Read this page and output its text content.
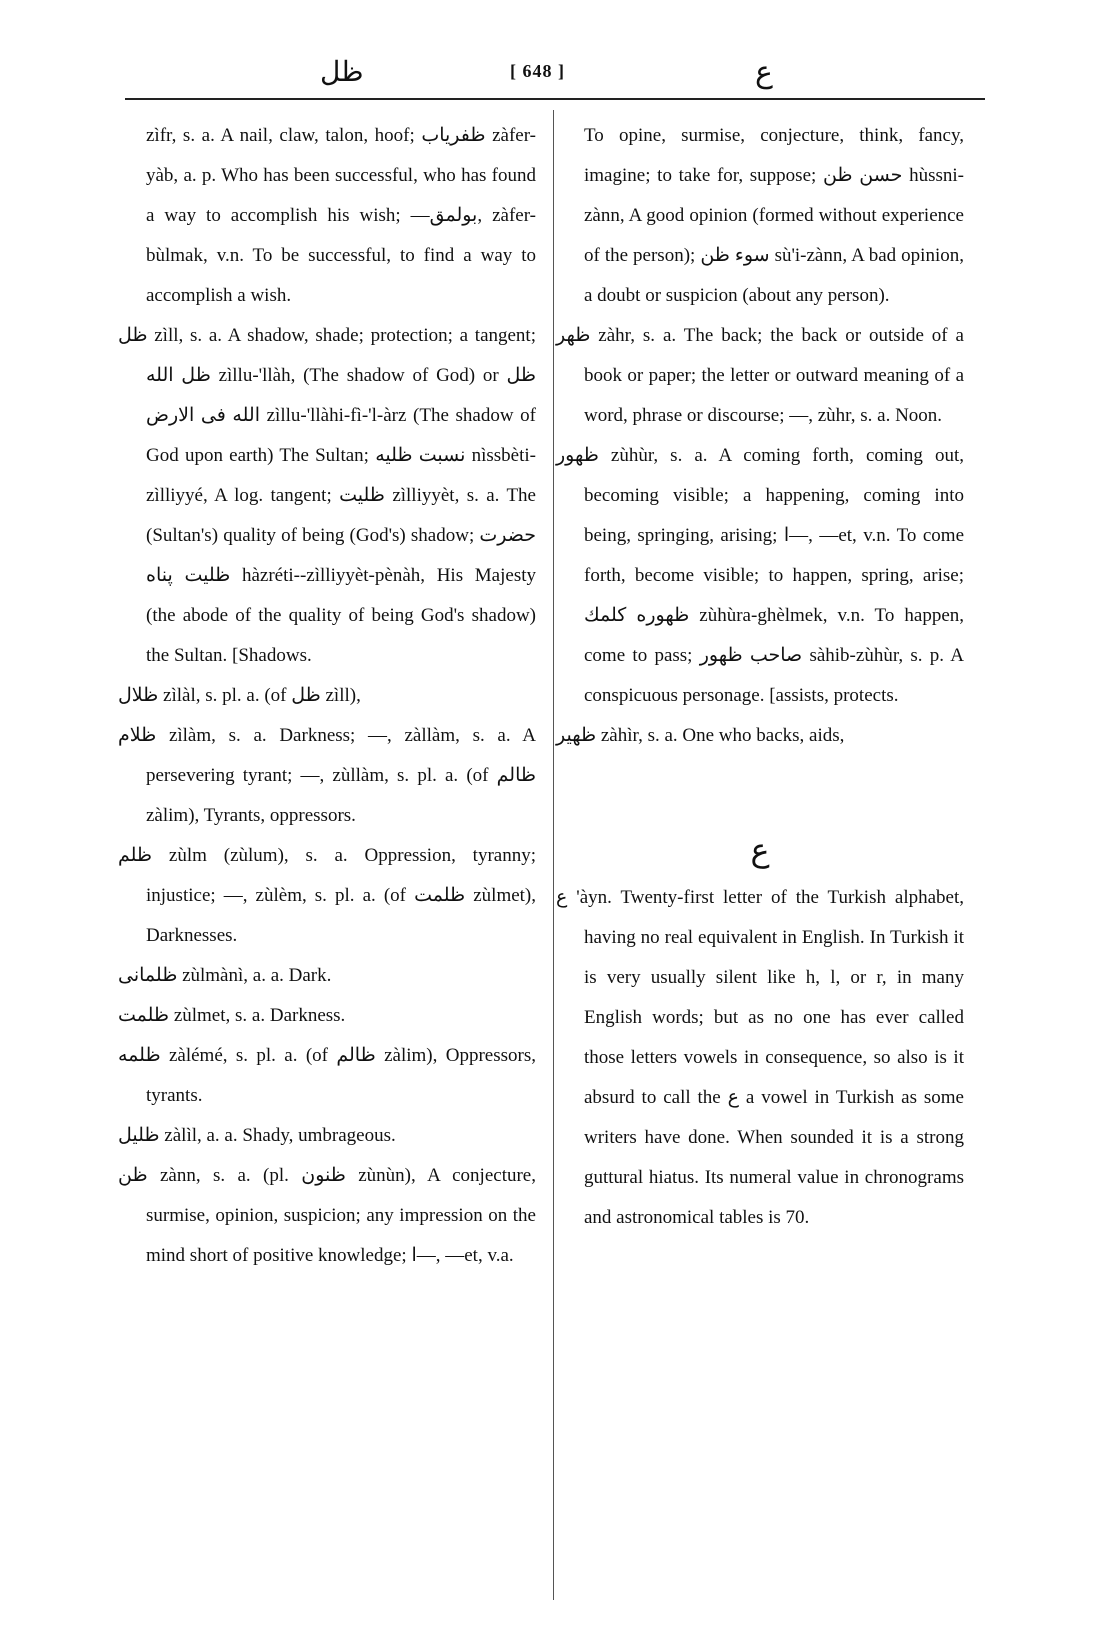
ظل	[ 648 ]	ع

zìfr, s. a. A nail, claw, talon, hoof; ظفریاب zàfer-yàb, a. p. Who has been successful, who has found a way to accomplish his wish; —بولمق, zàfer-bùlmak, v.n. To be successful, to find a way to accomplish a wish.

ظل zìll, s. a. A shadow, shade; protection; a tangent; ظل الله zìllu-'llàh, (The shadow of God) or ظل الله فی الارض zìllu-'llàhi-fì-'l-àrz (The shadow of God upon earth) The Sultan; نسبت ظلیه nìssbèti-zìlliyyé, A log. tangent; ظلیت zìlliyyèt, s. a. The (Sultan's) quality of being (God's) shadow; حضرت ظلیت پناه hàzréti--zìlliyyèt-pènàh, His Majesty (the abode of the quality of being God's shadow) the Sultan. [Shadows.

ظلال zìlàl, s. pl. a. (of ظل zìll),

ظلام zìlàm, s. a. Darkness; —, zàllàm, s. a. A persevering tyrant; —, zùllàm, s. pl. a. (of ظالم zàlim), Tyrants, oppressors.

ظلم zùlm (zùlum), s. a. Oppression, tyranny; injustice; —, zùlèm, s. pl. a. (of ظلمت zùlmet), Darknesses.

ظلمانی zùlmànì, a. a. Dark.

ظلمت zùlmet, s. a. Darkness.

ظلمه zàlémé, s. pl. a. (of ظالم zàlim), Oppressors, tyrants.

ظلیل zàlìl, a. a. Shady, umbrageous.

ظن zànn, s. a. (pl. ظنون zùnùn), A conjecture, surmise, opinion, suspicion; any impression on the mind short of positive knowledge; ا—, —et, v.a.

To opine, surmise, conjecture, think, fancy, imagine; to take for, suppose; حسن ظن hùssni-zànn, A good opinion (formed without experience of the person); سوء ظن sù'i-zànn, A bad opinion, a doubt or suspicion (about any person).

ظهر zàhr, s. a. The back; the back or outside of a book or paper; the letter or outward meaning of a word, phrase or discourse; —, zùhr, s. a. Noon.

ظهور zùhùr, s. a. A coming forth, coming out, becoming visible; a happening, coming into being, springing, arising; ا—, —et, v.n. To come forth, become visible; to happen, spring, arise; ظهوره کلمك zùhùra-ghèlmek, v.n. To happen, come to pass; صاحب ظهور sàhib-zùhùr, s. p. A conspicuous personage. [assists, protects.

ظهیر zàhìr, s. a. One who backs, aids,

ع

ع 'àyn. Twenty-first letter of the Turkish alphabet, having no real equivalent in English. In Turkish it is very usually silent like h, l, or r, in many English words; but as no one has ever called those letters vowels in consequence, so also is it absurd to call the ع a vowel in Turkish as some writers have done. When sounded it is a strong guttural hiatus. Its numeral value in chronograms and astronomical tables is 70.
